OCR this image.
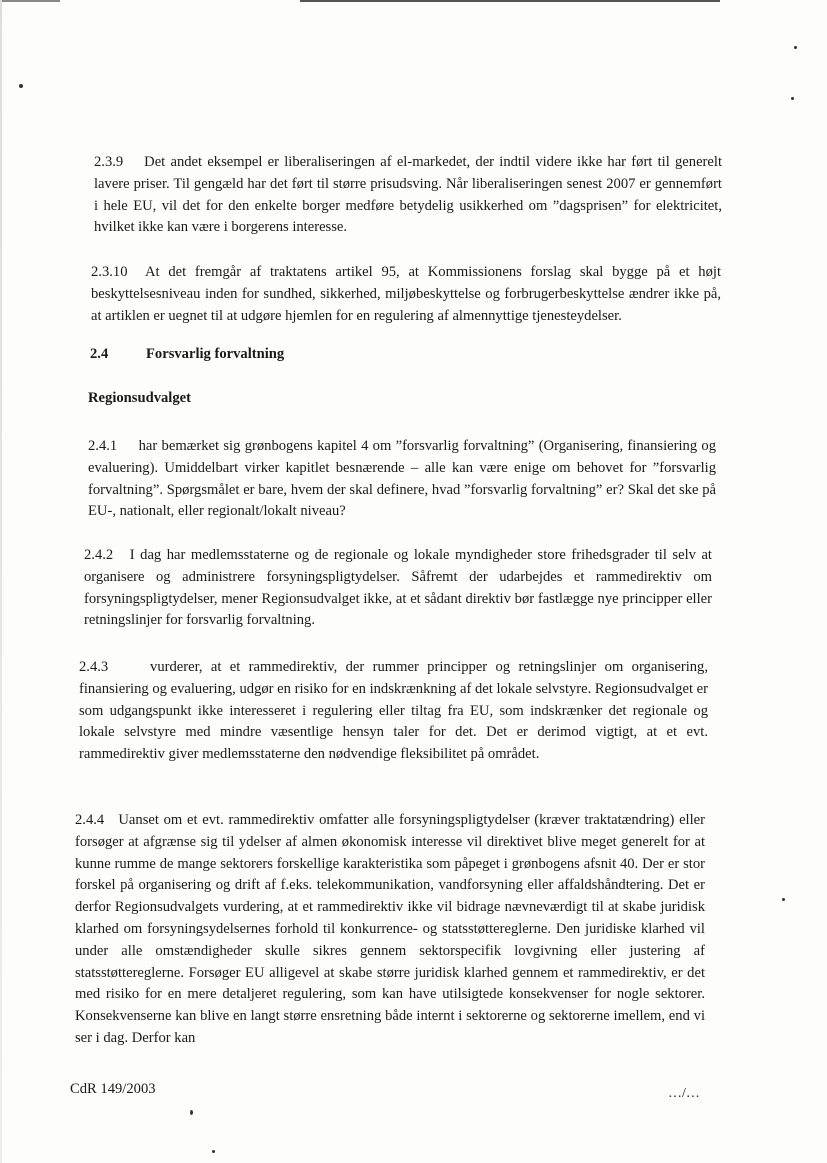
2.3.9 Det andet eksempel er liberaliseringen af el-markedet, der indtil videre ikke har ført til generelt lavere priser. Til gengæld har det ført til større prisudsving. Når liberaliseringen senest 2007 er gennemført i hele EU, vil det for den enkelte borger medføre betydelig usikkerhed om ”dagsprisen” for elektricitet, hvilket ikke kan være i borgerens interesse.

2.3.10 At det fremgår af traktatens artikel 95, at Kommissionens forslag skal bygge på et højt beskyttelsesniveau inden for sundhed, sikkerhed, miljøbeskyttelse og forbrugerbeskyttelse ændrer ikke på, at artiklen er uegnet til at udgøre hjemlen for en regulering af almennyttige tjenesteydelser.

2.4	Forsvarlig forvaltning

Regionsudvalget

2.4.1 har bemærket sig grønbogens kapitel 4 om ”forsvarlig forvaltning” (Organisering, finansiering og evaluering). Umiddelbart virker kapitlet besnærende – alle kan være enige om behovet for ”forsvarlig forvaltning”. Spørgsmålet er bare, hvem der skal definere, hvad ”forsvarlig forvaltning” er? Skal det ske på EU-, nationalt, eller regionalt/lokalt niveau?

2.4.2 I dag har medlemsstaterne og de regionale og lokale myndigheder store frihedsgrader til selv at organisere og administrere forsyningspligtydelser. Såfremt der udarbejdes et rammedirektiv om forsyningspligtydelser, mener Regionsudvalget ikke, at et sådant direktiv bør fastlægge nye principper eller retningslinjer for forsvarlig forvaltning.

2.4.3	vurderer, at et rammedirektiv, der rummer principper og retningslinjer om organisering, finansiering og evaluering, udgør en risiko for en indskrænkning af det lokale selvstyre. Regionsudvalget er som udgangspunkt ikke interesseret i regulering eller tiltag fra EU, som indskrænker det regionale og lokale selvstyre med mindre væsentlige hensyn taler for det. Det er derimod vigtigt, at et evt. rammedirektiv giver medlemsstaterne den nødvendige fleksibilitet på området.

2.4.4 Uanset om et evt. rammedirektiv omfatter alle forsyningspligtydelser (kræver traktatændring) eller forsøger at afgrænse sig til ydelser af almen økonomisk interesse vil direktivet blive meget generelt for at kunne rumme de mange sektorers forskellige karakteristika som påpeget i grønbogens afsnit 40. Der er stor forskel på organisering og drift af f.eks. telekommunikation, vandforsyning eller affaldshåndtering. Det er derfor Regionsudvalgets vurdering, at et rammedirektiv ikke vil bidrage nævneværdigt til at skabe juridisk klarhed om forsyningsydelsernes forhold til konkurrence- og statsstøttereglerne. Den juridiske klarhed vil under alle omstændigheder skulle sikres gennem sektorspecifik lovgivning eller justering af statsstøttereglerne. Forsøger EU alligevel at skabe større juridisk klarhed gennem et rammedirektiv, er det med risiko for en mere detaljeret regulering, som kan have utilsigtede konsekvenser for nogle sektorer. Konsekvenserne kan blive en langt større ensretning både internt i sektorerne og sektorerne imellem, end vi ser i dag. Derfor kan

CdR 149/2003	…/…
